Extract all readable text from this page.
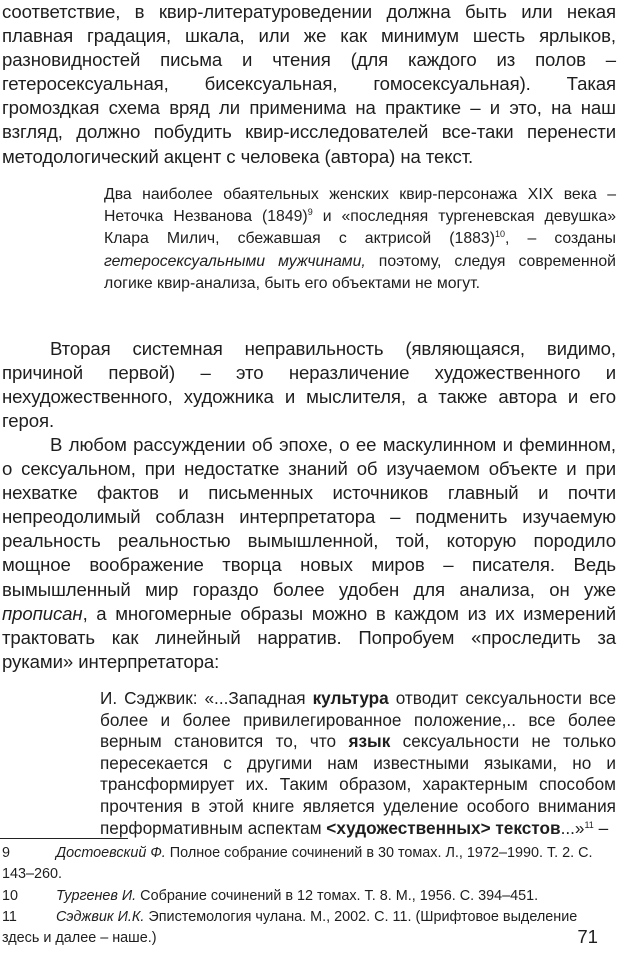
соответствие, в квир-литературоведении должна быть или некая плавная градация, шкала, или же как минимум шесть ярлыков, разновидностей письма и чтения (для каждого из полов – гетеросексуальная, бисексуальная, гомосексуальная). Такая громоздкая схема вряд ли применима на практике – и это, на наш взгляд, должно побудить квир-исследователей все-таки перенести методологический акцент с человека (автора) на текст.

Два наиболее обаятельных женских квир-персонажа XIX века – Неточка Незванова $(1849)^9$ и «последняя тургеневская девушка» Клара Милич, сбежавшая с актрисой $(1883)^{10}$, – созданы гетеросексуальными мужчинами, поэтому, следуя современной логике квир-анализа, быть его объектами не могут.

Вторая системная неправильность (являющаяся, видимо, причиной первой) – это неразличение художественного и нехудожественного, художника и мыслителя, а также автора и его героя.

В любом рассуждении об эпохе, о ее маскулинном и феминном, о сексуальном, при недостатке знаний об изучаемом объекте и при нехватке фактов и письменных источников главный и почти непреодолимый соблазн интерпретатора – подменить изучаемую реальность реальностью вымышленной, той, которую породило мощное воображение творца новых миров – писателя. Ведь вымышленный мир гораздо более удобен для анализа, он уже прописан, а многомерные образы можно в каждом из их измерений трактовать как линейный нарратив. Попробуем «проследить за руками» интерпретатора:

И. Сэджвик: «...Западная культура отводит сексуальности все более и более привилегированное положение,.. все более верным становится то, что язык сексуальности не только пересекается с другими нам известными языками, но и трансформирует их. Таким образом, характерным способом прочтения в этой книге является уделение особого внимания перформативным аспектам <художественных> текстов...»$^{11}$ –

9	Достоевский Ф. Полное собрание сочинений в 30 томах. Л., 1972–1990. Т. 2. С. 143–260.

10	Тургенев И. Собрание сочинений в 12 томах. Т. 8. М., 1956. С. 394–451.

11	Сэджвик И.К. Эпистемология чулана. М., 2002. С. 11. (Шрифтовое выделение здесь и далее – наше.)	71
